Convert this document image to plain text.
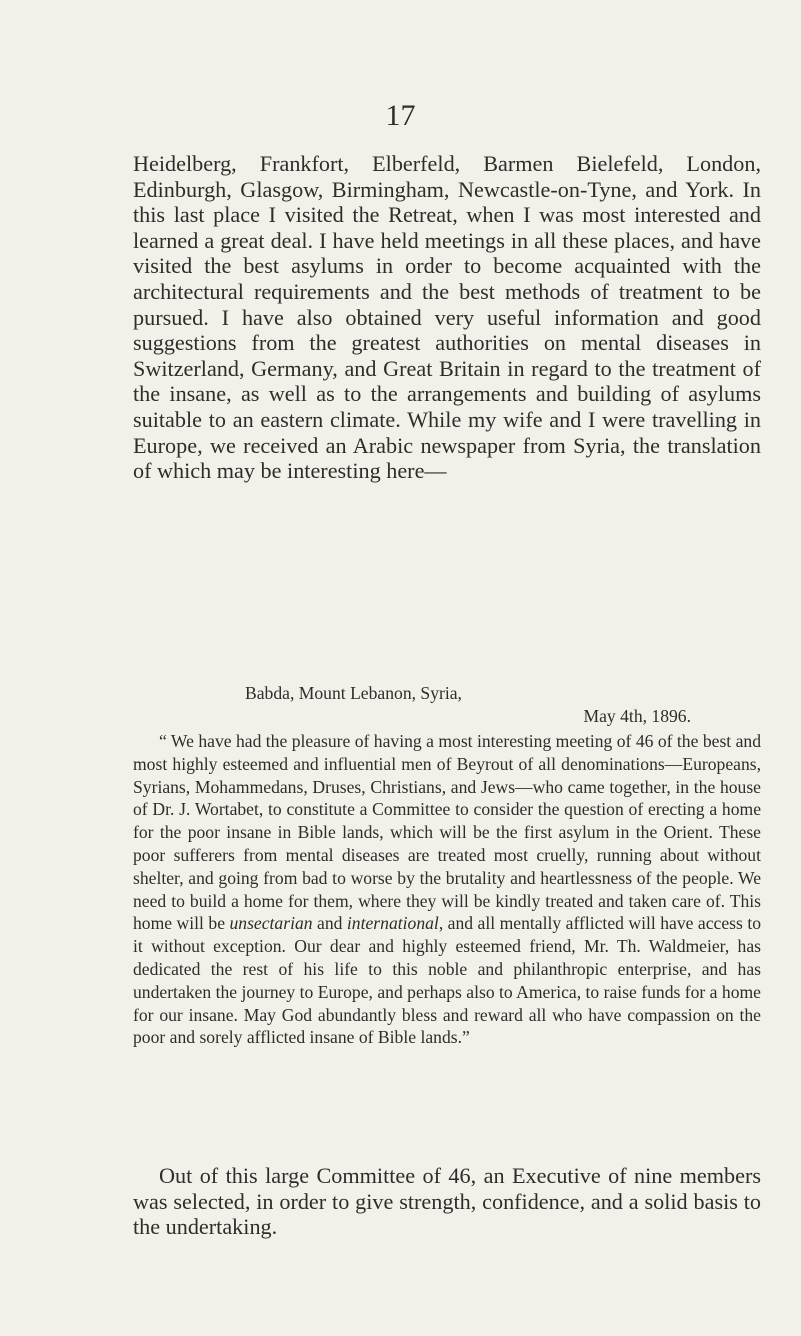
17

Heidelberg, Frankfort, Elberfeld, Barmen Bielefeld, London, Edinburgh, Glasgow, Birmingham, Newcastle-on-Tyne, and York. In this last place I visited the Retreat, when I was most interested and learned a great deal. I have held meetings in all these places, and have visited the best asylums in order to become acquainted with the architectural requirements and the best methods of treatment to be pursued. I have also obtained very useful information and good suggestions from the greatest authorities on mental diseases in Switzerland, Germany, and Great Britain in regard to the treatment of the insane, as well as to the arrangements and building of asylums suitable to an eastern climate. While my wife and I were travelling in Europe, we received an Arabic newspaper from Syria, the translation of which may be interesting here—

Babda, Mount Lebanon, Syria,
May 4th, 1896.

“ We have had the pleasure of having a most interesting meeting of 46 of the best and most highly esteemed and influential men of Beyrout of all denominations—Europeans, Syrians, Mohammedans, Druses, Christians, and Jews—who came together, in the house of Dr. J. Wortabet, to constitute a Committee to consider the question of erecting a home for the poor insane in Bible lands, which will be the first asylum in the Orient. These poor sufferers from mental diseases are treated most cruelly, running about without shelter, and going from bad to worse by the brutality and heartlessness of the people. We need to build a home for them, where they will be kindly treated and taken care of. This home will be unsectarian and international, and all mentally afflicted will have access to it without exception. Our dear and highly esteemed friend, Mr. Th. Waldmeier, has dedicated the rest of his life to this noble and philanthropic enterprise, and has undertaken the journey to Europe, and perhaps also to America, to raise funds for a home for our insane. May God abundantly bless and reward all who have compassion on the poor and sorely afflicted insane of Bible lands.”

Out of this large Committee of 46, an Executive of nine members was selected, in order to give strength, confidence, and a solid basis to the undertaking.
